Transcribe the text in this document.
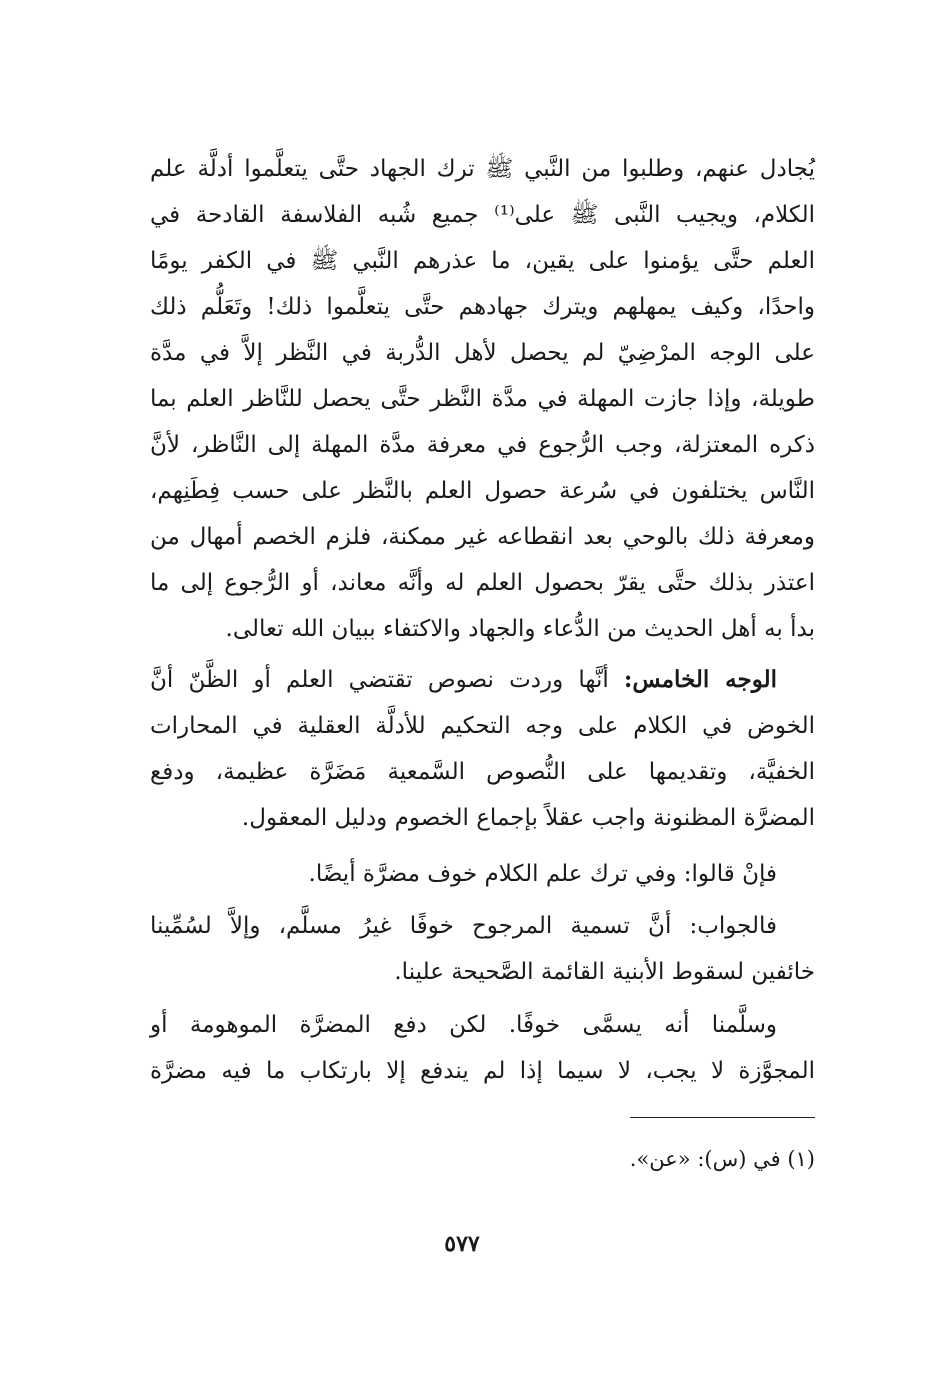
يُجادل عنهم، وطلبوا من النَّبي ﷺ ترك الجهاد حتَّى يتعلَّموا أدلَّة علم
الكلام، ويجيب النَّبى ﷺ على⁽¹⁾ جميع شُبه الفلاسفة القادحة في
العلم حتَّى يؤمنوا على يقين، ما عذرهم النَّبي ﷺ في الكفر يومًا
واحدًا، وكيف يمهلهم ويترك جهادهم حتَّى يتعلَّموا ذلك! وتَعَلُّم ذلك
على الوجه المرْضِيّ لم يحصل لأهل الدُّربة في النَّظر إلاَّ في مدَّة
طويلة، وإذا جازت المهلة في مدَّة النَّظر حتَّى يحصل للنَّاظر العلم بما
ذكره المعتزلة، وجب الرُّجوع في معرفة مدَّة المهلة إلى النَّاظر، لأنَّ
النَّاس يختلفون في سُرعة حصول العلم بالنَّظر على حسب فِطَنِهم،
ومعرفة ذلك بالوحي بعد انقطاعه غير ممكنة، فلزم الخصم أمهال من
اعتذر بذلك حتَّى يقرّ بحصول العلم له وأنَّه معاند، أو الرُّجوع إلى ما
بدأ به أهل الحديث من الدُّعاء والجهاد والاكتفاء ببيان الله تعالى.
الوجه الخامس: أنَّها وردت نصوص تقتضي العلم أو الظَّنّ أنَّ
الخوض في الكلام على وجه التحكيم للأدلَّة العقلية في المحارات
الخفيَّة، وتقديمها على النُّصوص السَّمعية مَضَرَّة عظيمة، ودفع
المضرَّة المظنونة واجب عقلاً بإجماع الخصوم ودليل المعقول.
فإنْ قالوا: وفي ترك علم الكلام خوف مضرَّة أيضًا.
فالجواب: أنَّ تسمية المرجوح خوفًا غيرُ مسلَّم، وإلاَّ لسُمِّينا
خائفين لسقوط الأبنية القائمة الصَّحيحة علينا.
وسلَّمنا أنه يسمَّى خوفًا. لكن دفع المضرَّة الموهومة أو
المجوَّزة لا يجب، لا سيما إذا لم يندفع إلا بارتكاب ما فيه مضرَّة
(١) في (س): «عن».
٥٧٧
